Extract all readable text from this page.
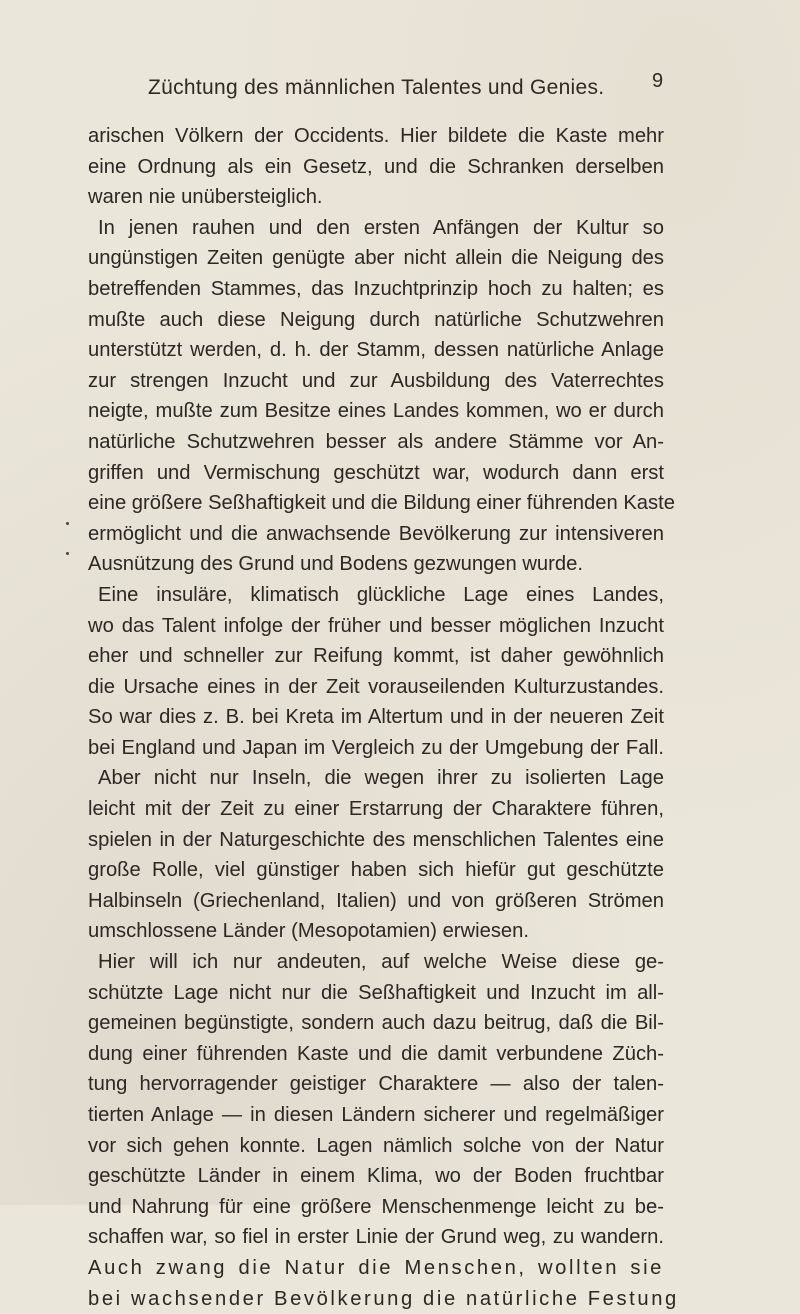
Züchtung des männlichen Talentes und Genies. 9
arischen Völkern der Occidents. Hier bildete die Kaste mehr
eine Ordnung als ein Gesetz, und die Schranken derselben
waren nie unübersteiglich.
In jenen rauhen und den ersten Anfängen der Kultur so
ungünstigen Zeiten genügte aber nicht allein die Neigung des
betreffenden Stammes, das Inzuchtprinzip hoch zu halten; es
mußte auch diese Neigung durch natürliche Schutzwehren
unterstützt werden, d. h. der Stamm, dessen natürliche Anlage
zur strengen Inzucht und zur Ausbildung des Vaterrechtes
neigte, mußte zum Besitze eines Landes kommen, wo er durch
natürliche Schutzwehren besser als andere Stämme vor An-
griffen und Vermischung geschützt war, wodurch dann erst
eine größere Seßhaftigkeit und die Bildung einer führenden Kaste
ermöglicht und die anwachsende Bevölkerung zur intensiveren
Ausnützung des Grund und Bodens gezwungen wurde.
Eine insuläre, klimatisch glückliche Lage eines Landes,
wo das Talent infolge der früher und besser möglichen Inzucht
eher und schneller zur Reifung kommt, ist daher gewöhnlich
die Ursache eines in der Zeit vorauseilenden Kulturzustandes.
So war dies z. B. bei Kreta im Altertum und in der neueren Zeit
bei England und Japan im Vergleich zu der Umgebung der Fall.
Aber nicht nur Inseln, die wegen ihrer zu isolierten Lage
leicht mit der Zeit zu einer Erstarrung der Charaktere führen,
spielen in der Naturgeschichte des menschlichen Talentes eine
große Rolle, viel günstiger haben sich hiefür gut geschützte
Halbinseln (Griechenland, Italien) und von größeren Strömen
umschlossene Länder (Mesopotamien) erwiesen.
Hier will ich nur andeuten, auf welche Weise diese ge-
schützte Lage nicht nur die Seßhaftigkeit und Inzucht im all-
gemeinen begünstigte, sondern auch dazu beitrug, daß die Bil-
dung einer führenden Kaste und die damit verbundene Züch-
tung hervorragender geistiger Charaktere — also der talen-
tierten Anlage — in diesen Ländern sicherer und regelmäßiger
vor sich gehen konnte. Lagen nämlich solche von der Natur
geschützte Länder in einem Klima, wo der Boden fruchtbar
und Nahrung für eine größere Menschenmenge leicht zu be-
schaffen war, so fiel in erster Linie der Grund weg, zu wandern.
Auch zwang die Natur die Menschen, wollten sie
bei wachsender Bevölkerung die natürliche Festung
